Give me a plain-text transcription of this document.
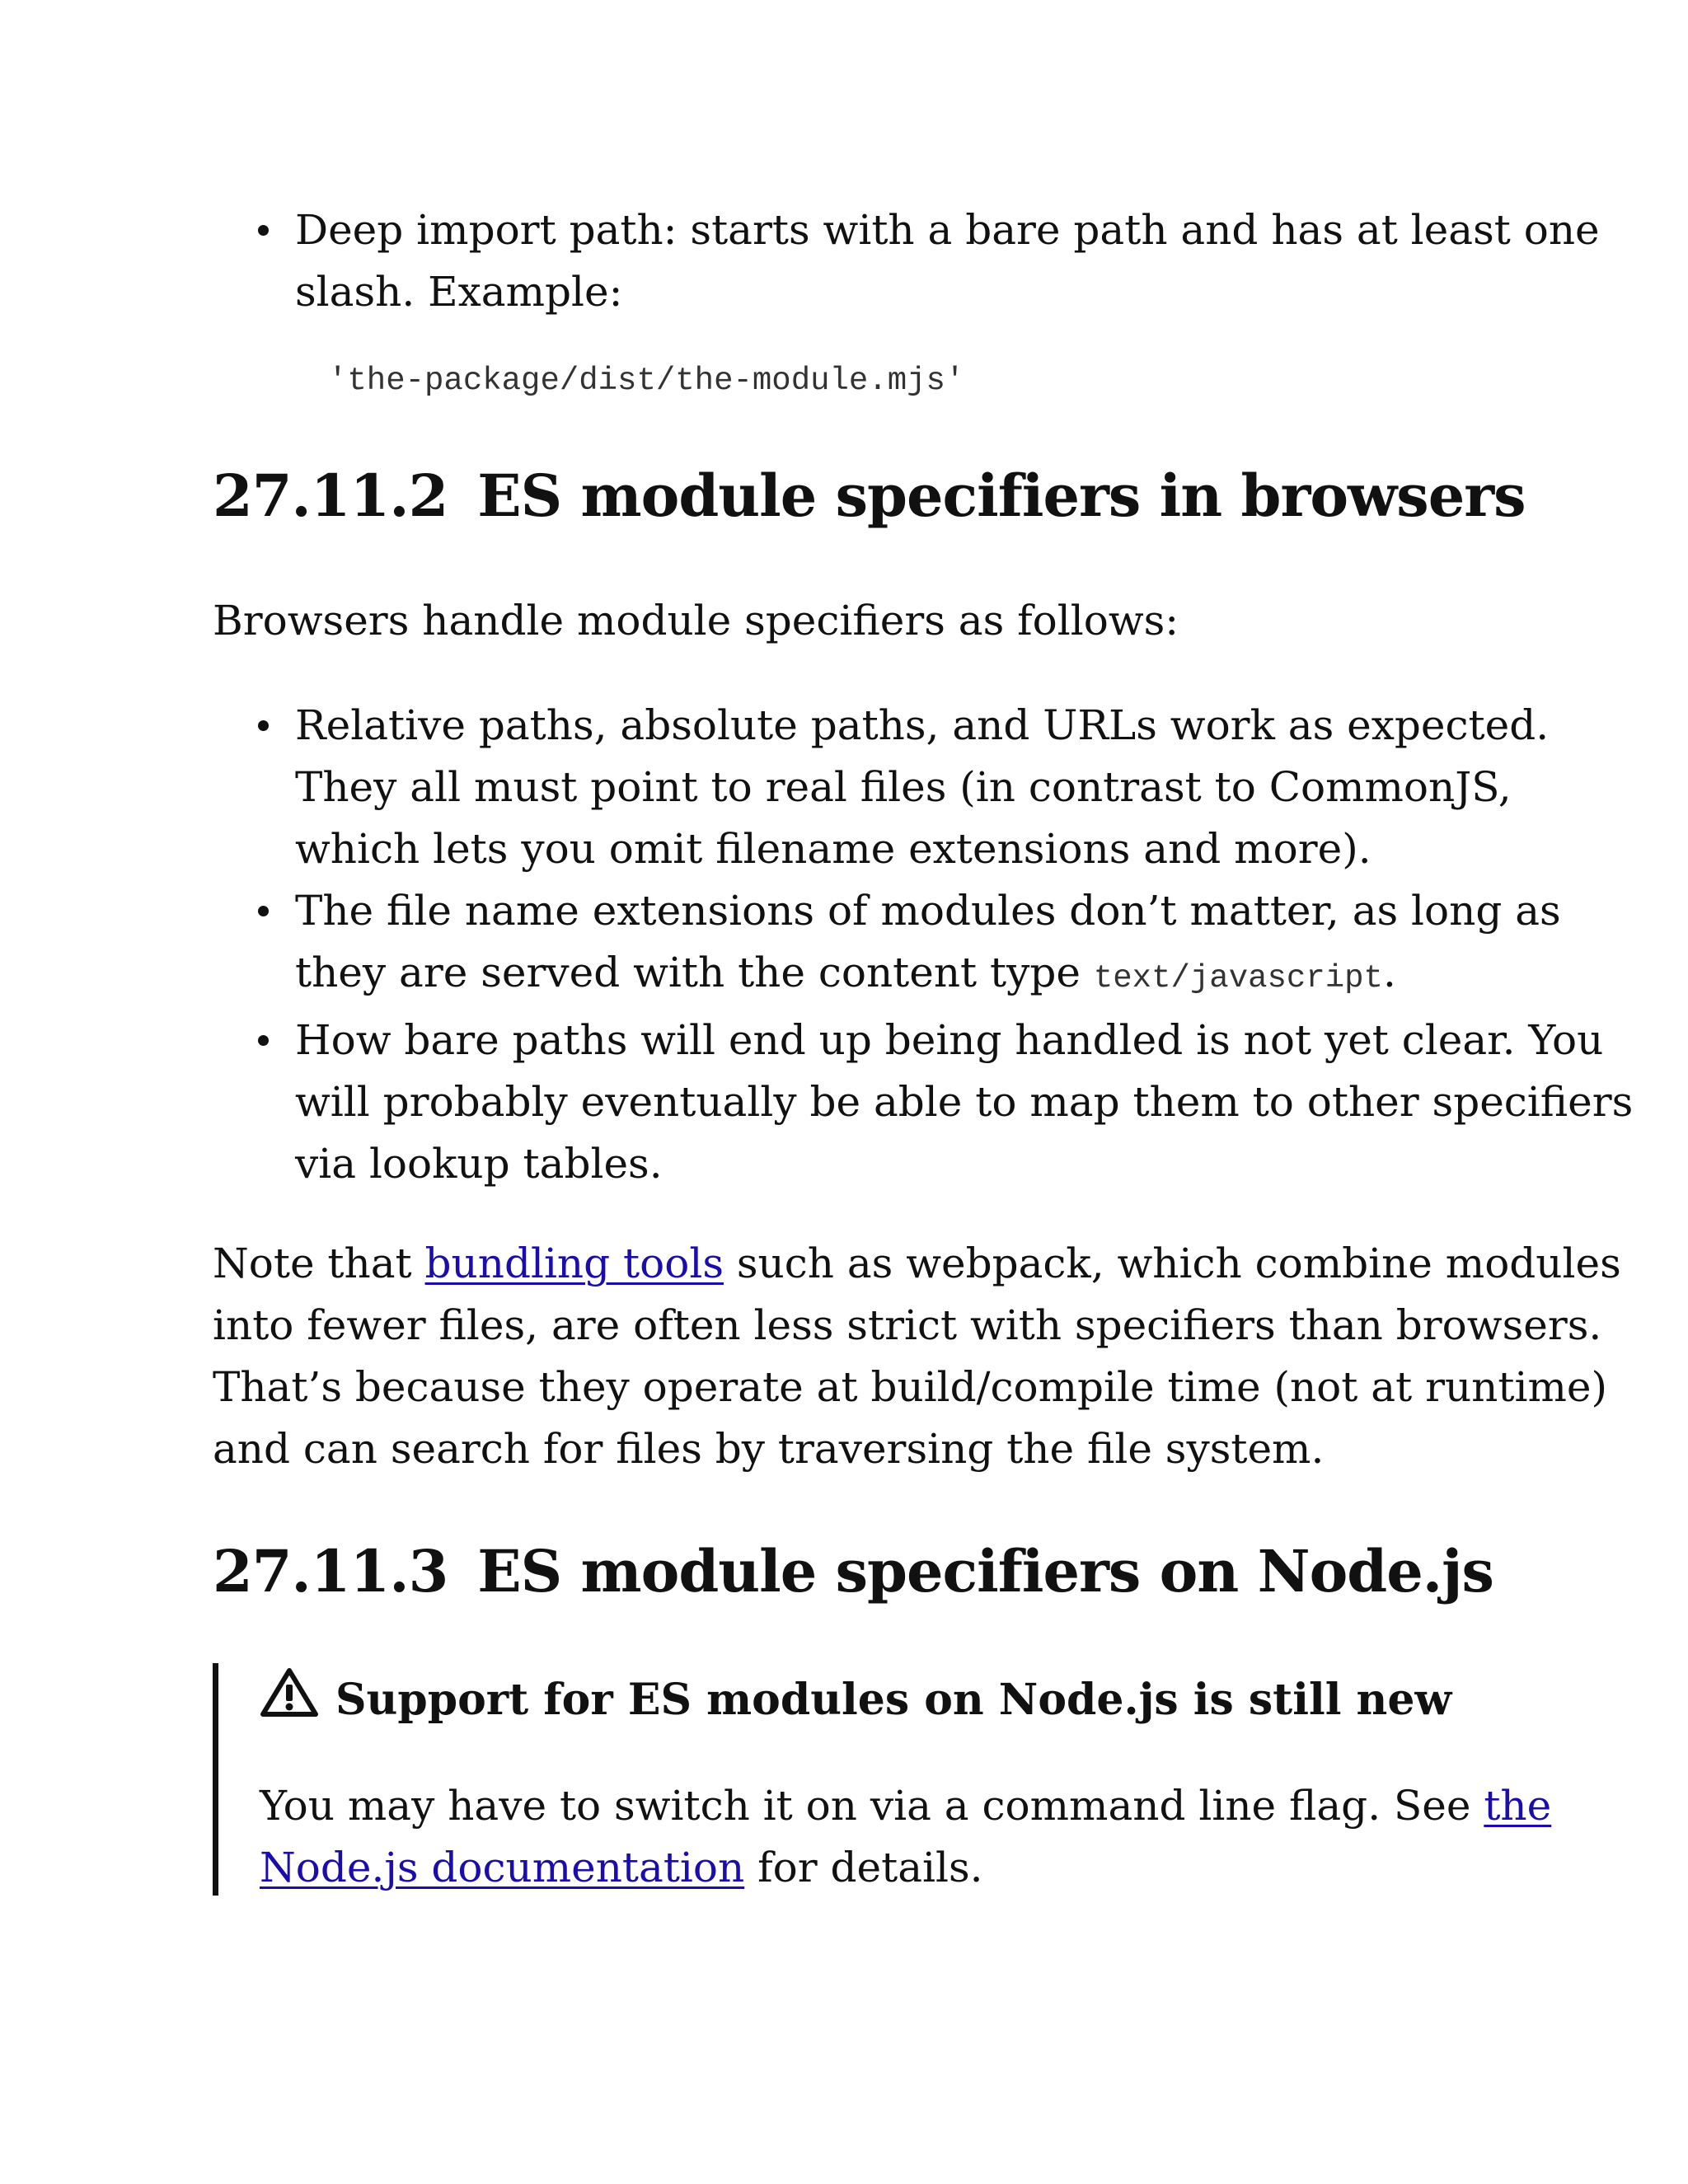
Deep import path: starts with a bare path and has at least one
slash. Example:
'the-package/dist/the-module.mjs'
27.11.2 ES module specifiers in browsers
Browsers handle module specifiers as follows:
Relative paths, absolute paths, and URLs work as expected.
They all must point to real files (in contrast to CommonJS,
which lets you omit filename extensions and more).
The file name extensions of modules don’t matter, as long as
they are served with the content type text/javascript.
How bare paths will end up being handled is not yet clear. You
will probably eventually be able to map them to other specifiers
via lookup tables.
Note that bundling tools such as webpack, which combine modules
into fewer files, are often less strict with specifiers than browsers.
That’s because they operate at build/compile time (not at runtime)
and can search for files by traversing the file system.
27.11.3 ES module specifiers on Node.js
Support for ES modules on Node.js is still new
You may have to switch it on via a command line flag. See the
Node.js documentation for details.
